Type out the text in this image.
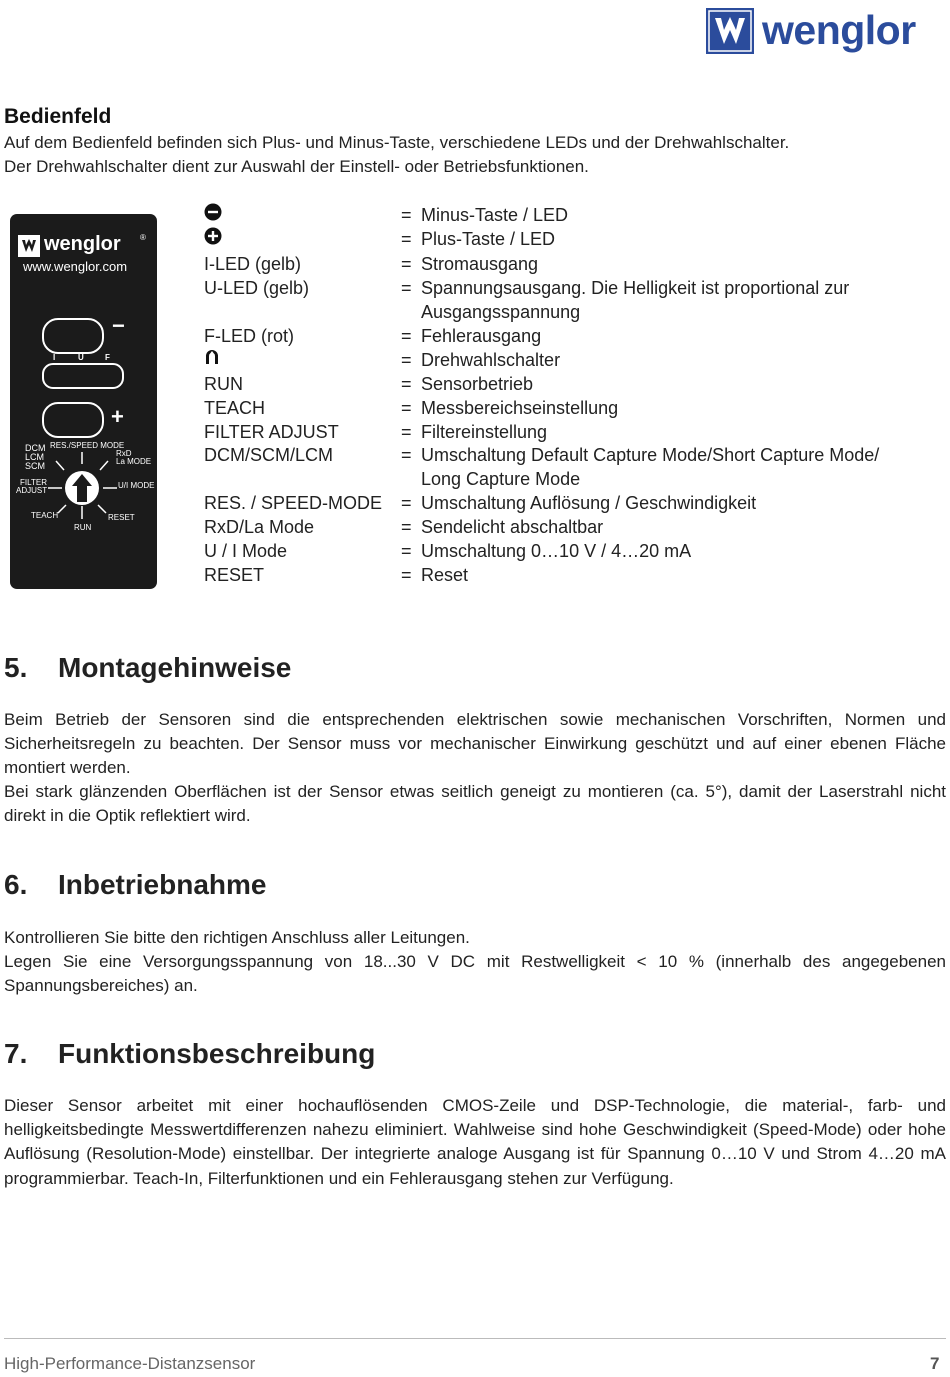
wenglor
Bedienfeld
Auf dem Bedienfeld befinden sich Plus- und Minus-Taste, verschiedene LEDs und der Drehwahlschalter.
Der Drehwahlschalter dient zur Auswahl der Einstell- oder Betriebsfunktionen.
wenglor ®
www.wenglor.com
−
I	U	F
+
DCM
LCM
SCM
RES./SPEED MODE
RxD
La MODE
FILTER
ADJUST
U/I MODE
TEACH	RESET
RUN
= Minus-Taste / LED
= Plus-Taste / LED
I-LED (gelb)	= Stromausgang
U-LED (gelb)	= Spannungsausgang. Die Helligkeit ist proportional zur
Ausgangsspannung
F-LED (rot)	= Fehlerausgang
= Drehwahlschalter
RUN	= Sensorbetrieb
TEACH	= Messbereichseinstellung
FILTER ADJUST	= Filtereinstellung
DCM/SCM/LCM	= Umschaltung Default Capture Mode/Short Capture Mode/
Long Capture Mode
RES. / SPEED-MODE = Umschaltung Auflösung / Geschwindigkeit
RxD/La Mode	= Sendelicht abschaltbar
U / I Mode	= Umschaltung 0…10 V / 4…20 mA
RESET	= Reset
5. Montagehinweise
Beim Betrieb der Sensoren sind die entsprechenden elektrischen sowie mechanischen Vorschriften, Normen und Sicherheitsregeln zu beachten. Der Sensor muss vor mechanischer Einwirkung geschützt und auf einer ebenen Fläche montiert werden.
Bei stark glänzenden Oberflächen ist der Sensor etwas seitlich geneigt zu montieren (ca. 5°), damit der Laserstrahl nicht direkt in die Optik reflektiert wird.
6. Inbetriebnahme
Kontrollieren Sie bitte den richtigen Anschluss aller Leitungen.
Legen Sie eine Versorgungsspannung von 18...30 V DC mit Restwelligkeit < 10 % (innerhalb des angegebenen Spannungsbereiches) an.
7. Funktionsbeschreibung
Dieser Sensor arbeitet mit einer hochauflösenden CMOS-Zeile und DSP-Technologie, die material-, farb- und helligkeitsbedingte Messwertdifferenzen nahezu eliminiert. Wahlweise sind hohe Geschwindigkeit (Speed-Mode) oder hohe Auflösung (Resolution-Mode) einstellbar. Der integrierte analoge Ausgang ist für Spannung 0…10 V und Strom 4…20 mA programmierbar. Teach-In, Filterfunktionen und ein Fehlerausgang stehen zur Verfügung.
High-Performance-Distanzsensor	7
